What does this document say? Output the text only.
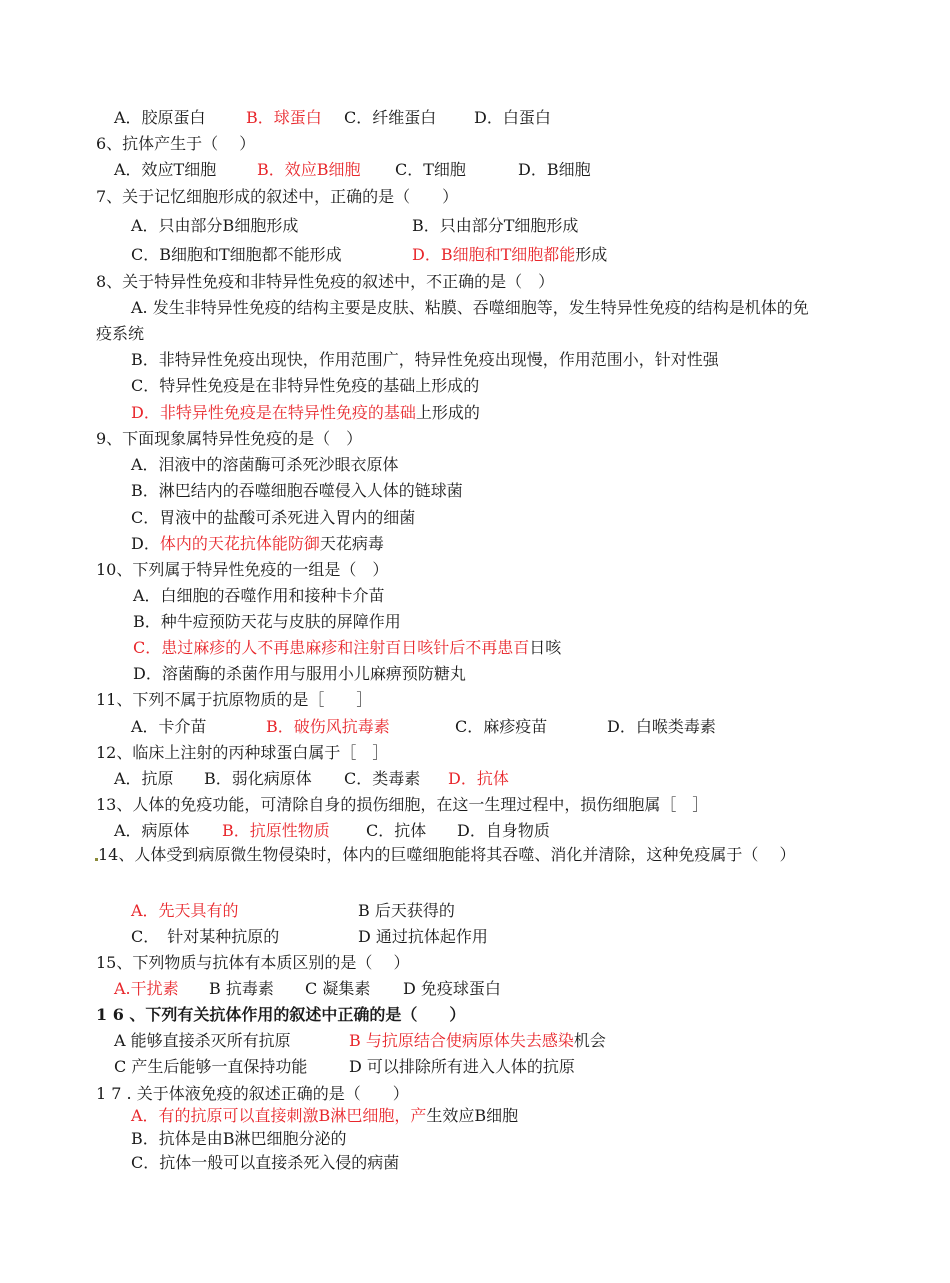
A．胶原蛋白	B．球蛋白 C．纤维蛋白 D．白蛋白
6、抗体产生于（　 ）
A．效应T细胞	B．效应B细胞 C．T细胞	D．B细胞
7、关于记忆细胞形成的叙述中，正确的是（　　）
A．只由部分B细胞形成	B．只由部分T细胞形成
C．B细胞和T细胞都不能形成	D．B细胞和T细胞都能形成
8、关于特异性免疫和非特异性免疫的叙述中，不正确的是（　）
A. 发生非特异性免疫的结构主要是皮肤、粘膜、吞噬细胞等，发生特异性免疫的结构是机体的免
疫系统
B．非特异性免疫出现快，作用范围广，特异性免疫出现慢，作用范围小，针对性强
C．特异性免疫是在非特异性免疫的基础上形成的
D．非特异性免疫是在特异性免疫的基础上形成的
9、下面现象属特异性免疫的是（　）
A．泪液中的溶菌酶可杀死沙眼衣原体
B．淋巴结内的吞噬细胞吞噬侵入人体的链球菌
C．胃液中的盐酸可杀死进入胃内的细菌
D．体内的天花抗体能防御天花病毒
10、下列属于特异性免疫的一组是（　）
A．白细胞的吞噬作用和接种卡介苗
B．种牛痘预防天花与皮肤的屏障作用
C．患过麻疹的人不再患麻疹和注射百日咳针后不再患百日咳
D．溶菌酶的杀菌作用与服用小儿麻痹预防糖丸
11、下列不属于抗原物质的是［　　］
A．卡介苗	B．破伤风抗毒素	C．麻疹疫苗	D．白喉类毒素
12、临床上注射的丙种球蛋白属于［　］
A．抗原 B．弱化病原体 C．类毒素 D．抗体
13、人体的免疫功能，可清除自身的损伤细胞，在这一生理过程中，损伤细胞属［　］
A．病原体 B．抗原性物质 C．抗体 D．自身物质
14、人体受到病原微生物侵染时，体内的巨噬细胞能将其吞噬、消化并清除，这种免疫属于（　 ）
A．先天具有的	B 后天获得的
C．　针对某种抗原的	D 通过抗体起作用
15、下列物质与抗体有本质区别的是（　 ）
A.干扰素 B 抗毒素 C 凝集素 D 免疫球蛋白
1 6 、下列有关抗体作用的叙述中正确的是（　　）
A 能够直接杀灭所有抗原	B 与抗原结合使病原体失去感染机会
C 产生后能够一直保持功能	D 可以排除所有进入人体的抗原
1 7 . 关于体液免疫的叙述正确的是（　　）
A．有的抗原可以直接刺激B淋巴细胞，产生效应B细胞
B．抗体是由B淋巴细胞分泌的
C．抗体一般可以直接杀死入侵的病菌
